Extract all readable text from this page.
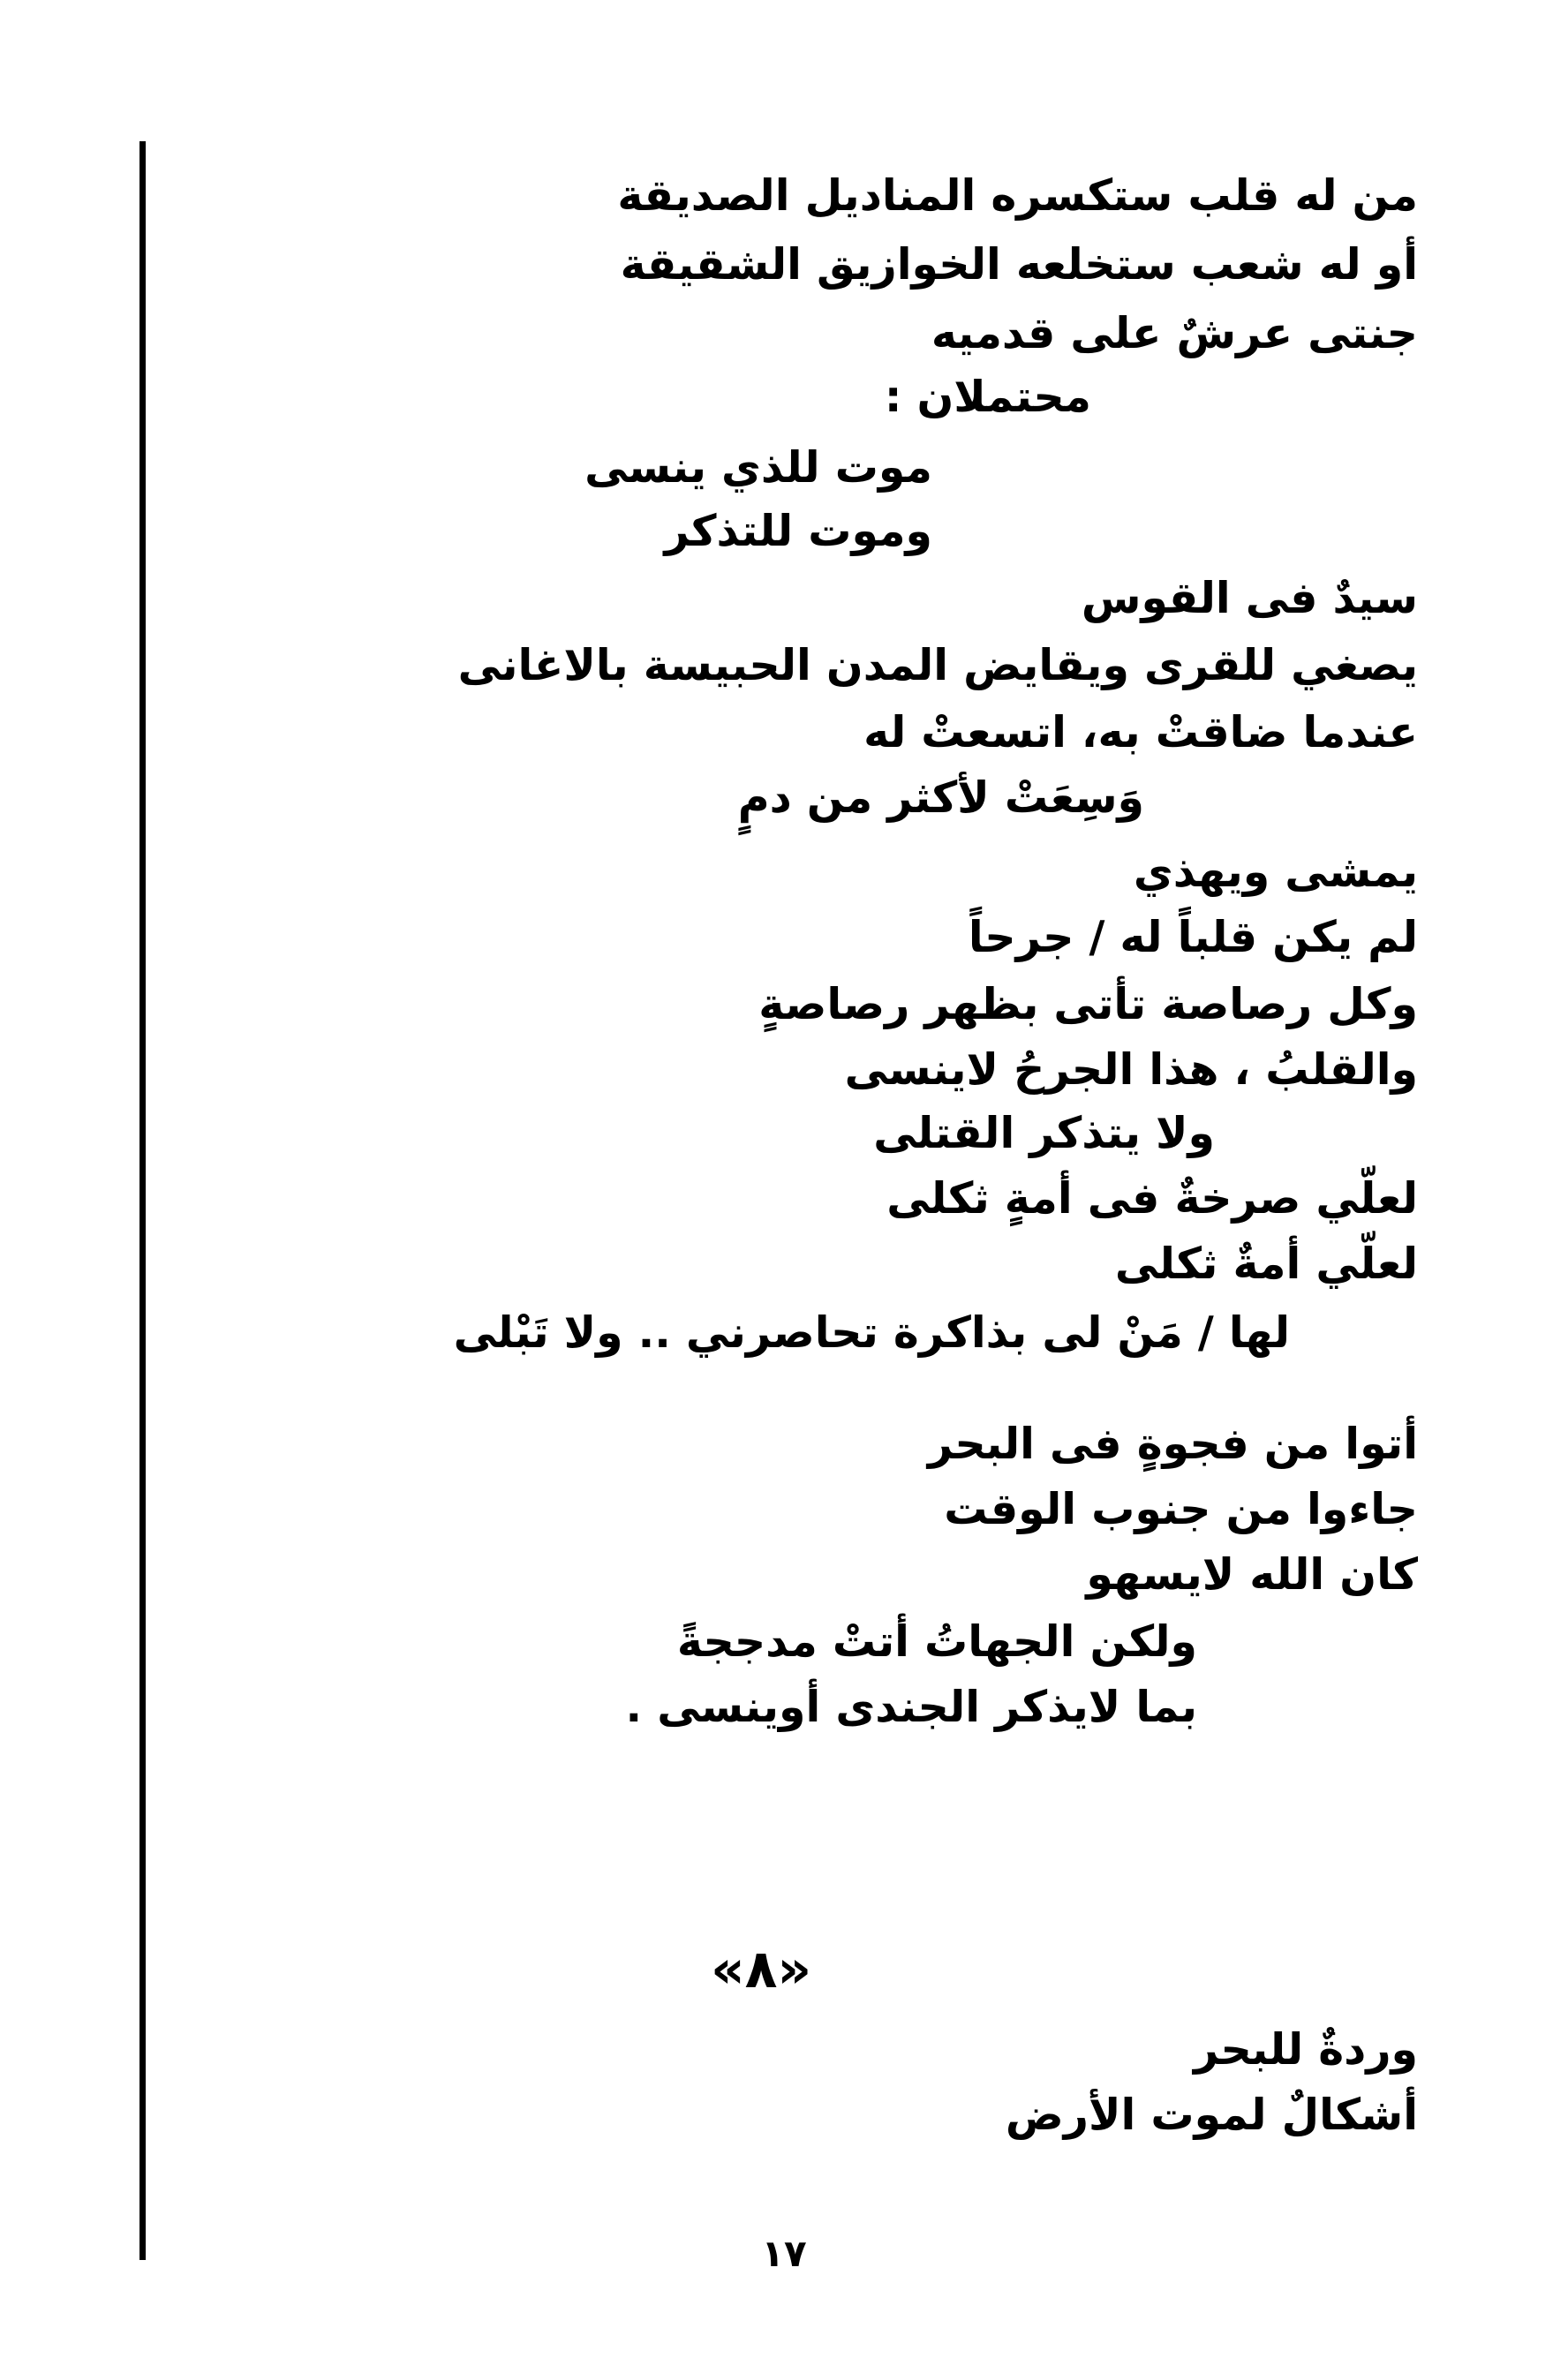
من له قلب ستكسره المناديل الصديقة
أو له شعب ستخلعه الخوازيق الشقيقة
جنتى عرشٌ على قدميه
محتملان :
موت للذي ينسى
وموت للتذكر
سيدٌ فى القوس
يصغي للقرى ويقايض المدن الحبيسة بالاغانى
عندما ضاقتْ به، اتسعتْ له
وَسِعَتْ لأكثر من دمٍ
يمشى ويهذي
لم يكن قلباً له / جرحاً
وكل رصاصة تأتى بظهر رصاصةٍ
والقلبُ ، هذا الجرحُ لاينسى
ولا يتذكر القتلى
لعلّي صرخةٌ فى أمةٍ ثكلى
لعلّي أمةٌ ثكلى
لها / مَنْ لى بذاكرة تحاصرني .. ولا تَبْلى
أتوا من فجوةٍ فى البحر
جاءوا من جنوب الوقت
كان الله لايسهو
ولكن الجهاتُ أتتْ مدججةً
بما لايذكر الجندى أوينسى .
«٨»
وردةٌ للبحر
أشكالٌ لموت الأرض
١٧
